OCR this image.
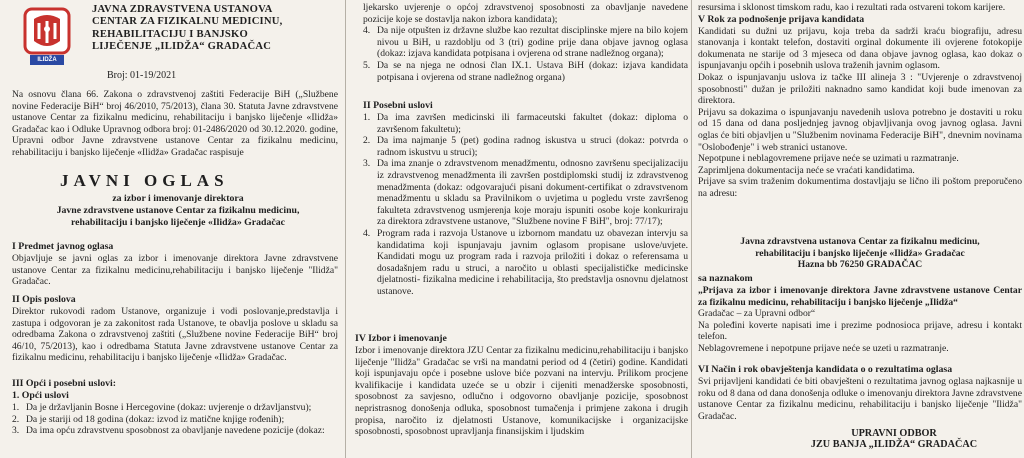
ILIDŽA
JAVNA ZDRAVSTVENA USTANOVA
CENTAR ZA FIZIKALNU MEDICINU,
REHABILITACIJU I BANJSKO
LIJEČENJE „ILIDŽA“ GRADAČAC
Broj: 01-19/2021

Na osnovu člana 66. Zakona o zdravstvenoj zaštiti Federacije BiH („Službene novine Federacije BiH“ broj 46/2010, 75/2013), člana 30. Statuta Javne zdravstvene ustanove Centar za fizikalnu medicinu, rehabilitaciju i banjsko liječenje «Ilidža» Gradačac kao i Odluke Upravnog odbora broj: 01-2486/2020 od 30.12.2020. godine, Upravni odbor Javne zdravstvene ustanove Centar za fizikalnu medicinu, rehabilitaciju i banjsko liječenje «Ilidža» Gradačac raspisuje

JAVNI OGLAS
za izbor i imenovanje direktora
Javne zdravstvene ustanove Centar za fizikalnu medicinu,
rehabilitaciju i banjsko liječenje «Ilidža» Gradačac

I Predmet javnog oglasa

Objavljuje se javni oglas za izbor i imenovanje direktora Javne zdravstvene ustanove Centar za fizikalnu medicinu,rehabilitaciju i banjsko liječenje "Ilidža" Gradačac.

II Opis poslova

Direktor rukovodi radom Ustanove, organizuje i vodi poslovanje,predstavlja i zastupa i odgovoran je za zakonitost rada Ustanove, te obavlja poslove u skladu sa odredbama Zakona o zdravstvenoj zaštiti („Službene novine Federacije BiH“ broj 46/10, 75/2013), kao i odredbama Statuta Javne zdravstvene ustanove Centar za fizikalnu medicinu, rehabilitaciju i banjsko liječenje «Ilidža» Gradačac.

III Opći i posebni uslovi:

1. Opći uslovi

1. Da je državljanin Bosne i Hercegovine (dokaz: uvjerenje o državljanstvu);
2. Da je stariji od 18 godina (dokaz: izvod iz matične knjige rođenih);
3. Da ima opću zdravstvenu sposobnost za obavljanje navedene pozicije (dokaz:

ljekarsko uvjerenje o općoj zdravstvenoj sposobnosti za obavljanje navedene pozicije koje se dostavlja nakon izbora kandidata);

4. Da nije otpušten iz državne službe kao rezultat disciplinske mjere na bilo kojem nivou u BiH, u razdoblju od 3 (tri) godine prije dana objave javnog oglasa (dokaz: izjava kandidata potpisana i ovjerena od strane nadležnog organa);
5. Da se na njega ne odnosi član IX.1. Ustava BiH (dokaz: izjava kandidata potpisana i ovjerena od strane nadležnog organa)

II Posebni uslovi

1. Da ima završen medicinski ili farmaceutski fakultet (dokaz: diploma o završenom fakultetu);
2. Da ima najmanje 5 (pet) godina radnog iskustva u struci (dokaz: potvrda o radnom iskustvu u struci);
3. Da ima znanje o zdravstvenom menadžmentu, odnosno završenu specijalizaciju iz zdravstvenog menadžmenta ili završen postdiplomski studij iz zdravstvenog menadžmenta (dokaz: odgovarajući pisani dokument-certifikat o zdravstvenom menadžmentu u skladu sa Pravilnikom o uvjetima u pogledu vrste završenog fakulteta zdravstvenog usmjerenja koje moraju ispuniti osobe koje konkuriraju za direktora zdravstvene ustanove, "Službene novine F BiH", broj: 77/17);
4. Program rada i razvoja Ustanove u izbornom mandatu uz obavezan intervju sa kandidatima koji ispunjavaju javnim oglasom propisane uslove/uvjete. Kandidati mogu uz program rada i razvoja priložiti i dokaz o referensama u dosadašnjem radu u struci, a naročito u oblasti specijalističke medicinske djelatnosti- fizikalna medicine i rehabilitacija, što predstavlja osnovnu djelatnost ustanove.

IV Izbor i imenovanje

Izbor i imenovanje direktora JZU Centar za fizikalnu medicinu,rehabilitaciju i banjsko liječenje "Ilidža" Gradačac se vrši na mandatni period od 4 (četiri) godine. Kandidati koji ispunjavaju opće i posebne uslove biće pozvani na intervju. Prilikom procjene kvalifikacije i kandidata uzeće se u obzir i cijeniti menadžerske sposobnosti, sposobnost za savjesno, odlučno i odgovorno obavljanje pozicije, sposobnost nepristrasnog donošenja odluka, sposobnost tumačenja i primjene zakona i drugih propisa, naročito iz djelatnosti Ustanove, komunikacijske i organizacijske sposobnosti, sposobnost upravljanja finansijskim i ljudskim

resursima i sklonost timskom radu, kao i rezultati rada ostvareni tokom karijere.

V Rok za podnošenje prijava kandidata

Kandidati su dužni uz prijavu, koja treba da sadrži kraću biografiju, adresu stanovanja i kontakt telefon, dostaviti orginal dokumente ili ovjerene fotokopije dokumenata ne starije od 3 mjeseca od dana objave javnog oglasa, kao dokaz o ispunjavanju općih i posebnih uslova traženih javnim oglasom.

Dokaz o ispunjavanju uslova iz tačke III alineja 3 : "Uvjerenje o zdravstvenoj sposobnosti" dužan je priložiti naknadno samo kandidat koji bude imenovan za direktora.

Prijavu sa dokazima o ispunjavanju navedenih uslova potrebno je dostaviti u roku od 15 dana od dana posljednjeg javnog objavljivanja ovog javnog oglasa. Javni oglas će biti objavljen u "Službenim novinama Federacije BiH", dnevnim novinama "Oslobođenje" i web stranici ustanove.

Nepotpune i neblagovremene prijave neće se uzimati u razmatranje.

Zaprimljena dokumentacija neće se vraćati kandidatima.

Prijave sa svim traženim dokumentima dostavljaju se lično ili poštom preporučeno na adresu:

Javna zdravstvena ustanova Centar za fizikalnu medicinu,

rehabilitaciju i banjsko liječenje «Ilidža» Gradačac

Hazna bb 76250 GRADAČAC

sa naznakom

„Prijava za izbor i imenovanje direktora Javne zdravstvene ustanove Centar za fizikalnu medicinu, rehabilitaciju i banjsko liječenje „Ilidža“

Gradačac – za Upravni odbor“

Na poleđini koverte napisati ime i prezime podnosioca prijave, adresu i kontakt telefon.

Neblagovremene i nepotpune prijave neće se uzeti u razmatranje.

VI Način i rok obavještenja kandidata o o rezultatima oglasa

Svi prijavljeni kandidati će biti obavješteni o rezultatima javnog oglasa najkasnije u roku od 8 dana od dana donošenja odluke o imenovanju direktora Javne zdravstvene ustanove Centar za fizikalnu medicinu, rehabilitaciju i banjsko liječenje "Ilidža" Gradačac.

UPRAVNI ODBOR

JZU BANJA „ILIDŽA“ GRADAČAC
